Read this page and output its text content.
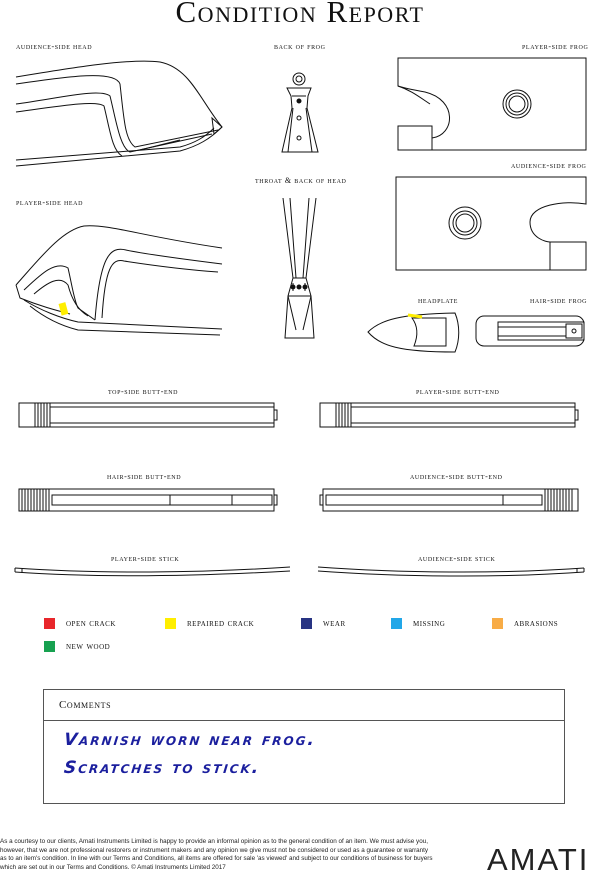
Condition Report
audience-side head	back of frog	player-side frog
audience-side frog
throat & back of head
player-side head
headplate	hair-side frog
top-side butt-end	player-side butt-end
hair-side butt-end	audience-side butt-end
player-side stick	audience-side stick
open crack	repaired crack	wear	missing	abrasions
new wood
Comments
Varnish worn near frog.
Scratches to stick.
As a courtesy to our clients, Amati Instruments Limited is happy to provide an informal opinion as to the general condition of an item. We must advise you, however, that we are not professional restorers or instrument makers and any opinion we give must not be considered or used as a guarantee or warranty as to an item's condition. In line with our Terms and Conditions, all items are offered for sale 'as viewed' and subject to our conditions of business for buyers which are set out in our Terms and Conditions. © Amati Instruments Limited 2017	AMATI
